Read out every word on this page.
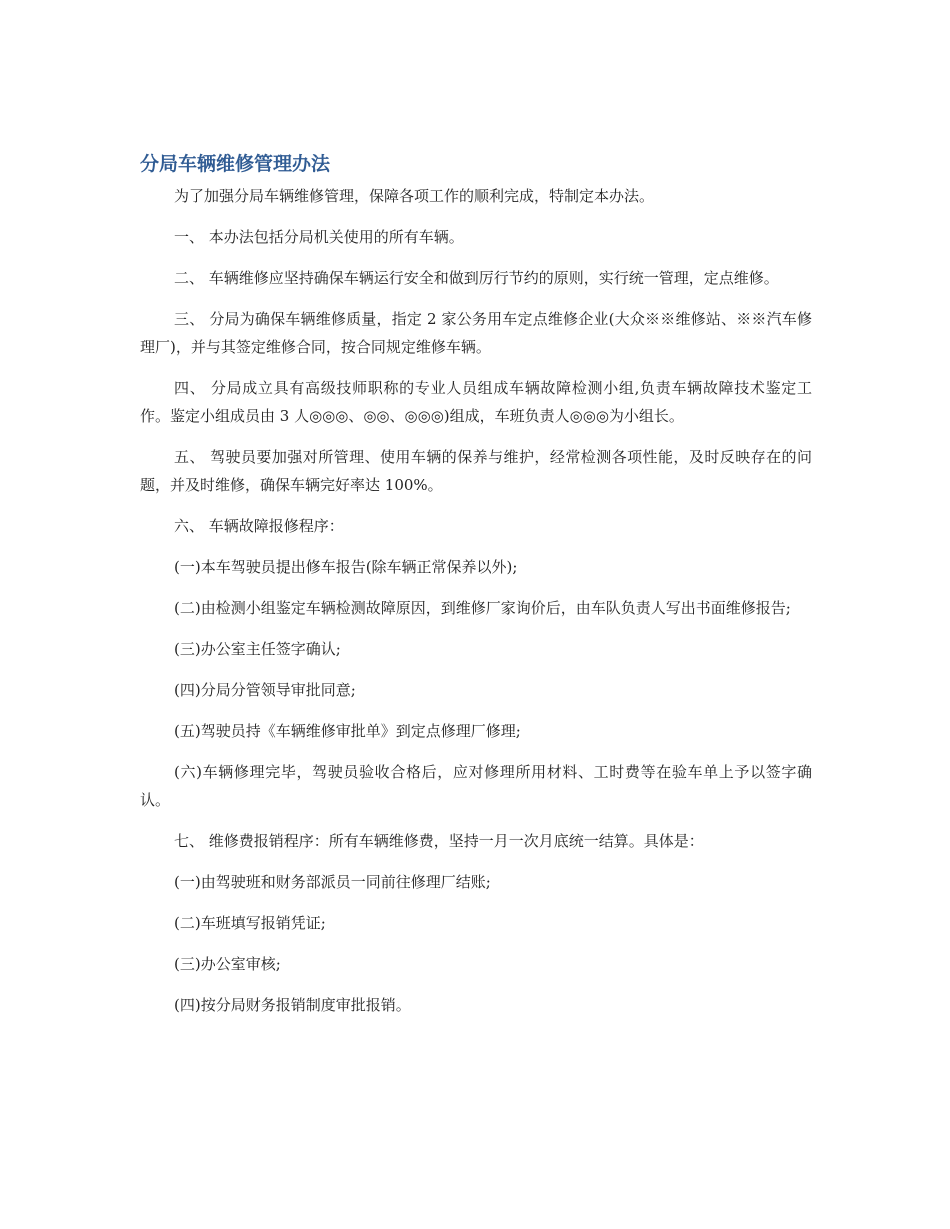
分局车辆维修管理办法

为了加强分局车辆维修管理，保障各项工作的顺利完成，特制定本办法。

一、 本办法包括分局机关使用的所有车辆。

二、 车辆维修应坚持确保车辆运行安全和做到厉行节约的原则，实行统一管理，定点维修。

三、 分局为确保车辆维修质量，指定 2 家公务用车定点维修企业(大众※※维修站、※※汽车修理厂)，并与其签定维修合同，按合同规定维修车辆。

四、 分局成立具有高级技师职称的专业人员组成车辆故障检测小组,负责车辆故障技术鉴定工作。鉴定小组成员由 3 人◎◎◎、◎◎、◎◎◎)组成，车班负责人◎◎◎为小组长。

五、 驾驶员要加强对所管理、使用车辆的保养与维护，经常检测各项性能，及时反映存在的问题，并及时维修，确保车辆完好率达 100%。

六、 车辆故障报修程序：

(一)本车驾驶员提出修车报告(除车辆正常保养以外);

(二)由检测小组鉴定车辆检测故障原因，到维修厂家询价后，由车队负责人写出书面维修报告;

(三)办公室主任签字确认;

(四)分局分管领导审批同意;

(五)驾驶员持《车辆维修审批单》到定点修理厂修理;

(六)车辆修理完毕，驾驶员验收合格后，应对修理所用材料、工时费等在验车单上予以签字确认。

七、 维修费报销程序：所有车辆维修费，坚持一月一次月底统一结算。具体是：

(一)由驾驶班和财务部派员一同前往修理厂结账;

(二)车班填写报销凭证;

(三)办公室审核;

(四)按分局财务报销制度审批报销。
